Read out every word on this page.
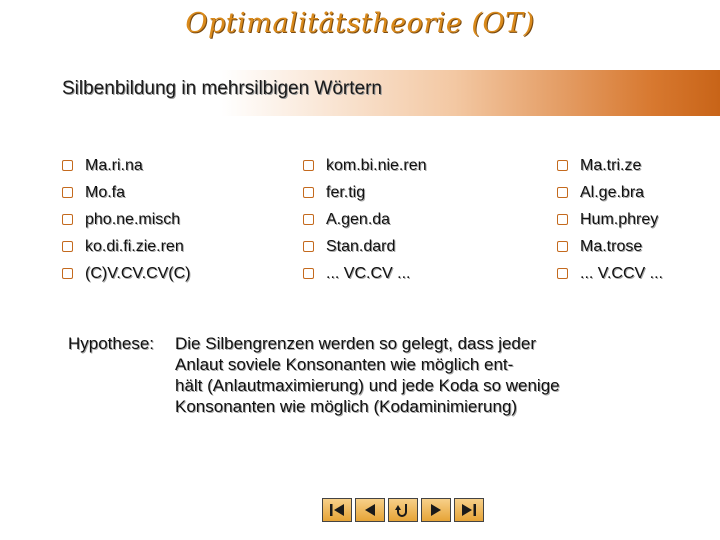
Optimalitätstheorie (OT)
Silbenbildung in mehrsilbigen Wörtern
Ma.ri.na
Mo.fa
pho.ne.misch
ko.di.fi.zie.ren
(C)V.CV.CV(C)
kom.bi.nie.ren
fer.tig
A.gen.da
Stan.dard
... VC.CV ...
Ma.tri.ze
Al.ge.bra
Hum.phrey
Ma.trose
... V.CCV ...
Hypothese: Die Silbengrenzen werden so gelegt, dass jeder
Anlaut soviele Konsonanten wie möglich ent-
hält (Anlautmaximierung) und jede Koda so wenige
Konsonanten wie möglich (Kodaminimierung)
